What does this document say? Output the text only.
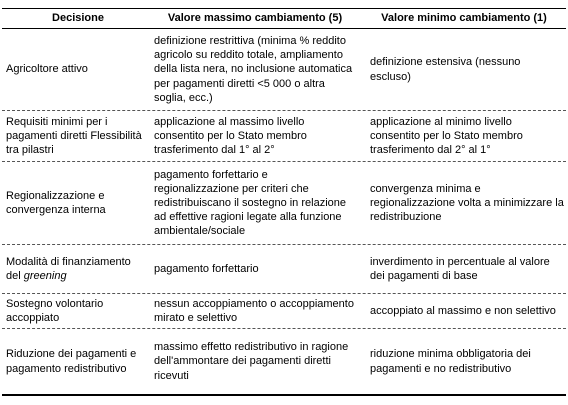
Decisione	Valore massimo cambiamento (5)	Valore minimo cambiamento (1)
Agricoltore attivo
definizione restrittiva (minima % reddito agricolo su reddito totale, ampliamento della lista nera, no inclusione automatica per pagamenti diretti <5 000 o altra soglia, ecc.)
definizione estensiva (nessuno escluso)
Requisiti minimi per i pagamenti diretti Flessibilità tra pilastri
applicazione al massimo livello consentito per lo Stato membro trasferimento dal 1° al 2°
applicazione al minimo livello consentito per lo Stato membro trasferimento dal 2° al 1°
Regionalizzazione e convergenza interna
pagamento forfettario e regionalizzazione per criteri che redistribuiscano il sostegno in relazione ad effettive ragioni legate alla funzione ambientale/sociale
convergenza minima e regionalizzazione volta a minimizzare la redistribuzione
Modalità di finanziamento del greening
pagamento forfettario
inverdimento in percentuale al valore dei pagamenti di base
Sostegno volontario accoppiato
nessun accoppiamento o accoppiamento mirato e selettivo
accoppiato al massimo e non selettivo
Riduzione dei pagamenti e pagamento redistributivo
massimo effetto redistributivo in ragione dell'ammontare dei pagamenti diretti ricevuti
riduzione minima obbligatoria dei pagamenti e no redistributivo
